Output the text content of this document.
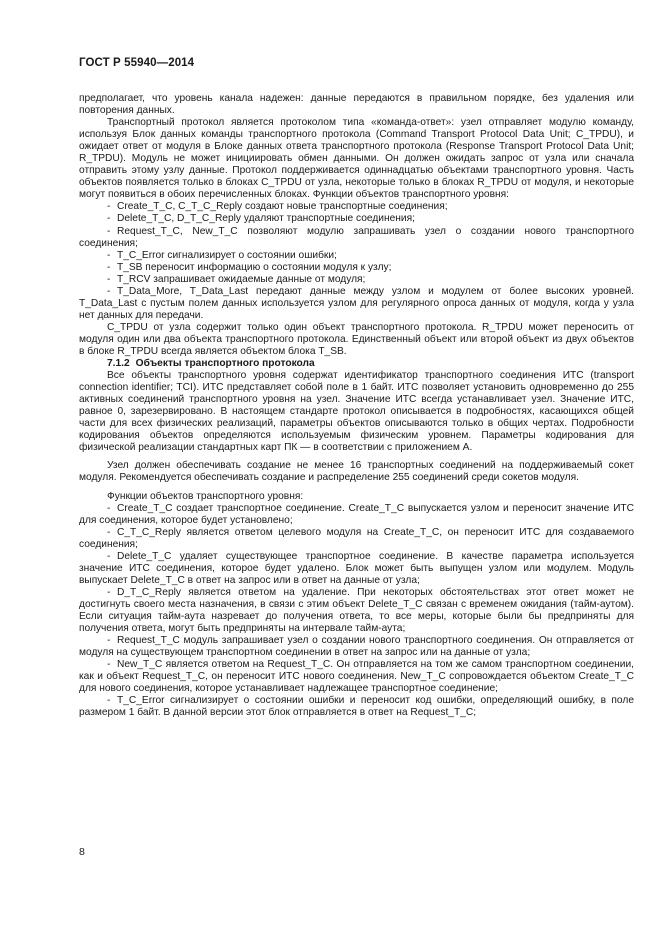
ГОСТ Р 55940—2014

предполагает, что уровень канала надежен: данные передаются в правильном порядке, без удаления или повторения данных.

Транспортный протокол является протоколом типа «команда-ответ»: узел отправляет модулю команду, используя Блок данных команды транспортного протокола (Command Transport Protocol Data Unit; C_TPDU), и ожидает ответ от модуля в Блоке данных ответа транспортного протокола (Response Transport Protocol Data Unit; R_TPDU). Модуль не может инициировать обмен данными. Он должен ожидать запрос от узла или сначала отправить этому узлу данные. Протокол поддерживается одиннадцатью объектами транспортного уровня. Часть объектов появляется только в блоках C_TPDU от узла, некоторые только в блоках R_TPDU от модуля, и некоторые могут появиться в обоих перечисленных блоках. Функции объектов транспортного уровня:

- Create_T_C, C_T_C_Reply создают новые транспортные соединения;

- Delete_T_C, D_T_C_Reply удаляют транспортные соединения;

- Request_T_C, New_T_C позволяют модулю запрашивать узел о создании нового транспортного соединения;

- T_C_Error сигнализирует о состоянии ошибки;

- T_SB переносит информацию о состоянии модуля к узлу;

- T_RCV запрашивает ожидаемые данные от модуля;

- T_Data_More, T_Data_Last передают данные между узлом и модулем от более высоких уровней. T_Data_Last с пустым полем данных используется узлом для регулярного опроса данных от модуля, когда у узла нет данных для передачи.

C_TPDU от узла содержит только один объект транспортного протокола. R_TPDU может переносить от модуля один или два объекта транспортного протокола. Единственный объект или второй объект из двух объектов в блоке R_TPDU всегда является объектом блока T_SB.

7.1.2 Объекты транспортного протокола

Все объекты транспортного уровня содержат идентификатор транспортного соединения ИТС (transport connection identifier; TCI). ИТС представляет собой поле в 1 байт. ИТС позволяет установить одновременно до 255 активных соединений транспортного уровня на узел. Значение ИТС всегда устанавливает узел. Значение ИТС, равное 0, зарезервировано. В настоящем стандарте протокол описывается в подробностях, касающихся общей части для всех физических реализаций, параметры объектов описываются только в общих чертах. Подробности кодирования объектов определяются используемым физическим уровнем. Параметры кодирования для физической реализации стандартных карт ПК — в соответствии с приложением А.

Узел должен обеспечивать создание не менее 16 транспортных соединений на поддерживаемый сокет модуля. Рекомендуется обеспечивать создание и распределение 255 соединений среди сокетов модуля.

Функции объектов транспортного уровня:

- Create_T_C создает транспортное соединение. Create_T_C выпускается узлом и переносит значение ИТС для соединения, которое будет установлено;

- C_T_C_Reply является ответом целевого модуля на Create_T_C, он переносит ИТС для создаваемого соединения;

- Delete_T_C удаляет существующее транспортное соединение. В качестве параметра используется значение ИТС соединения, которое будет удалено. Блок может быть выпущен узлом или модулем. Модуль выпускает Delete_T_C в ответ на запрос или в ответ на данные от узла;

- D_T_C_Reply является ответом на удаление. При некоторых обстоятельствах этот ответ может не достигнуть своего места назначения, в связи с этим объект Delete_T_C связан с временем ожидания (тайм-аутом). Если ситуация тайм-аута назревает до получения ответа, то все меры, которые были бы предприняты для получения ответа, могут быть предприняты на интервале тайм-аута;

- Request_T_C модуль запрашивает узел о создании нового транспортного соединения. Он отправляется от модуля на существующем транспортном соединении в ответ на запрос или на данные от узла;

- New_T_C является ответом на Request_T_C. Он отправляется на том же самом транспортном соединении, как и объект Request_T_C, он переносит ИТС нового соединения. New_T_C сопровождается объектом Create_T_C для нового соединения, которое устанавливает надлежащее транспортное соединение;

- T_C_Error сигнализирует о состоянии ошибки и переносит код ошибки, определяющий ошибку, в поле размером 1 байт. В данной версии этот блок отправляется в ответ на Request_T_C;

8
